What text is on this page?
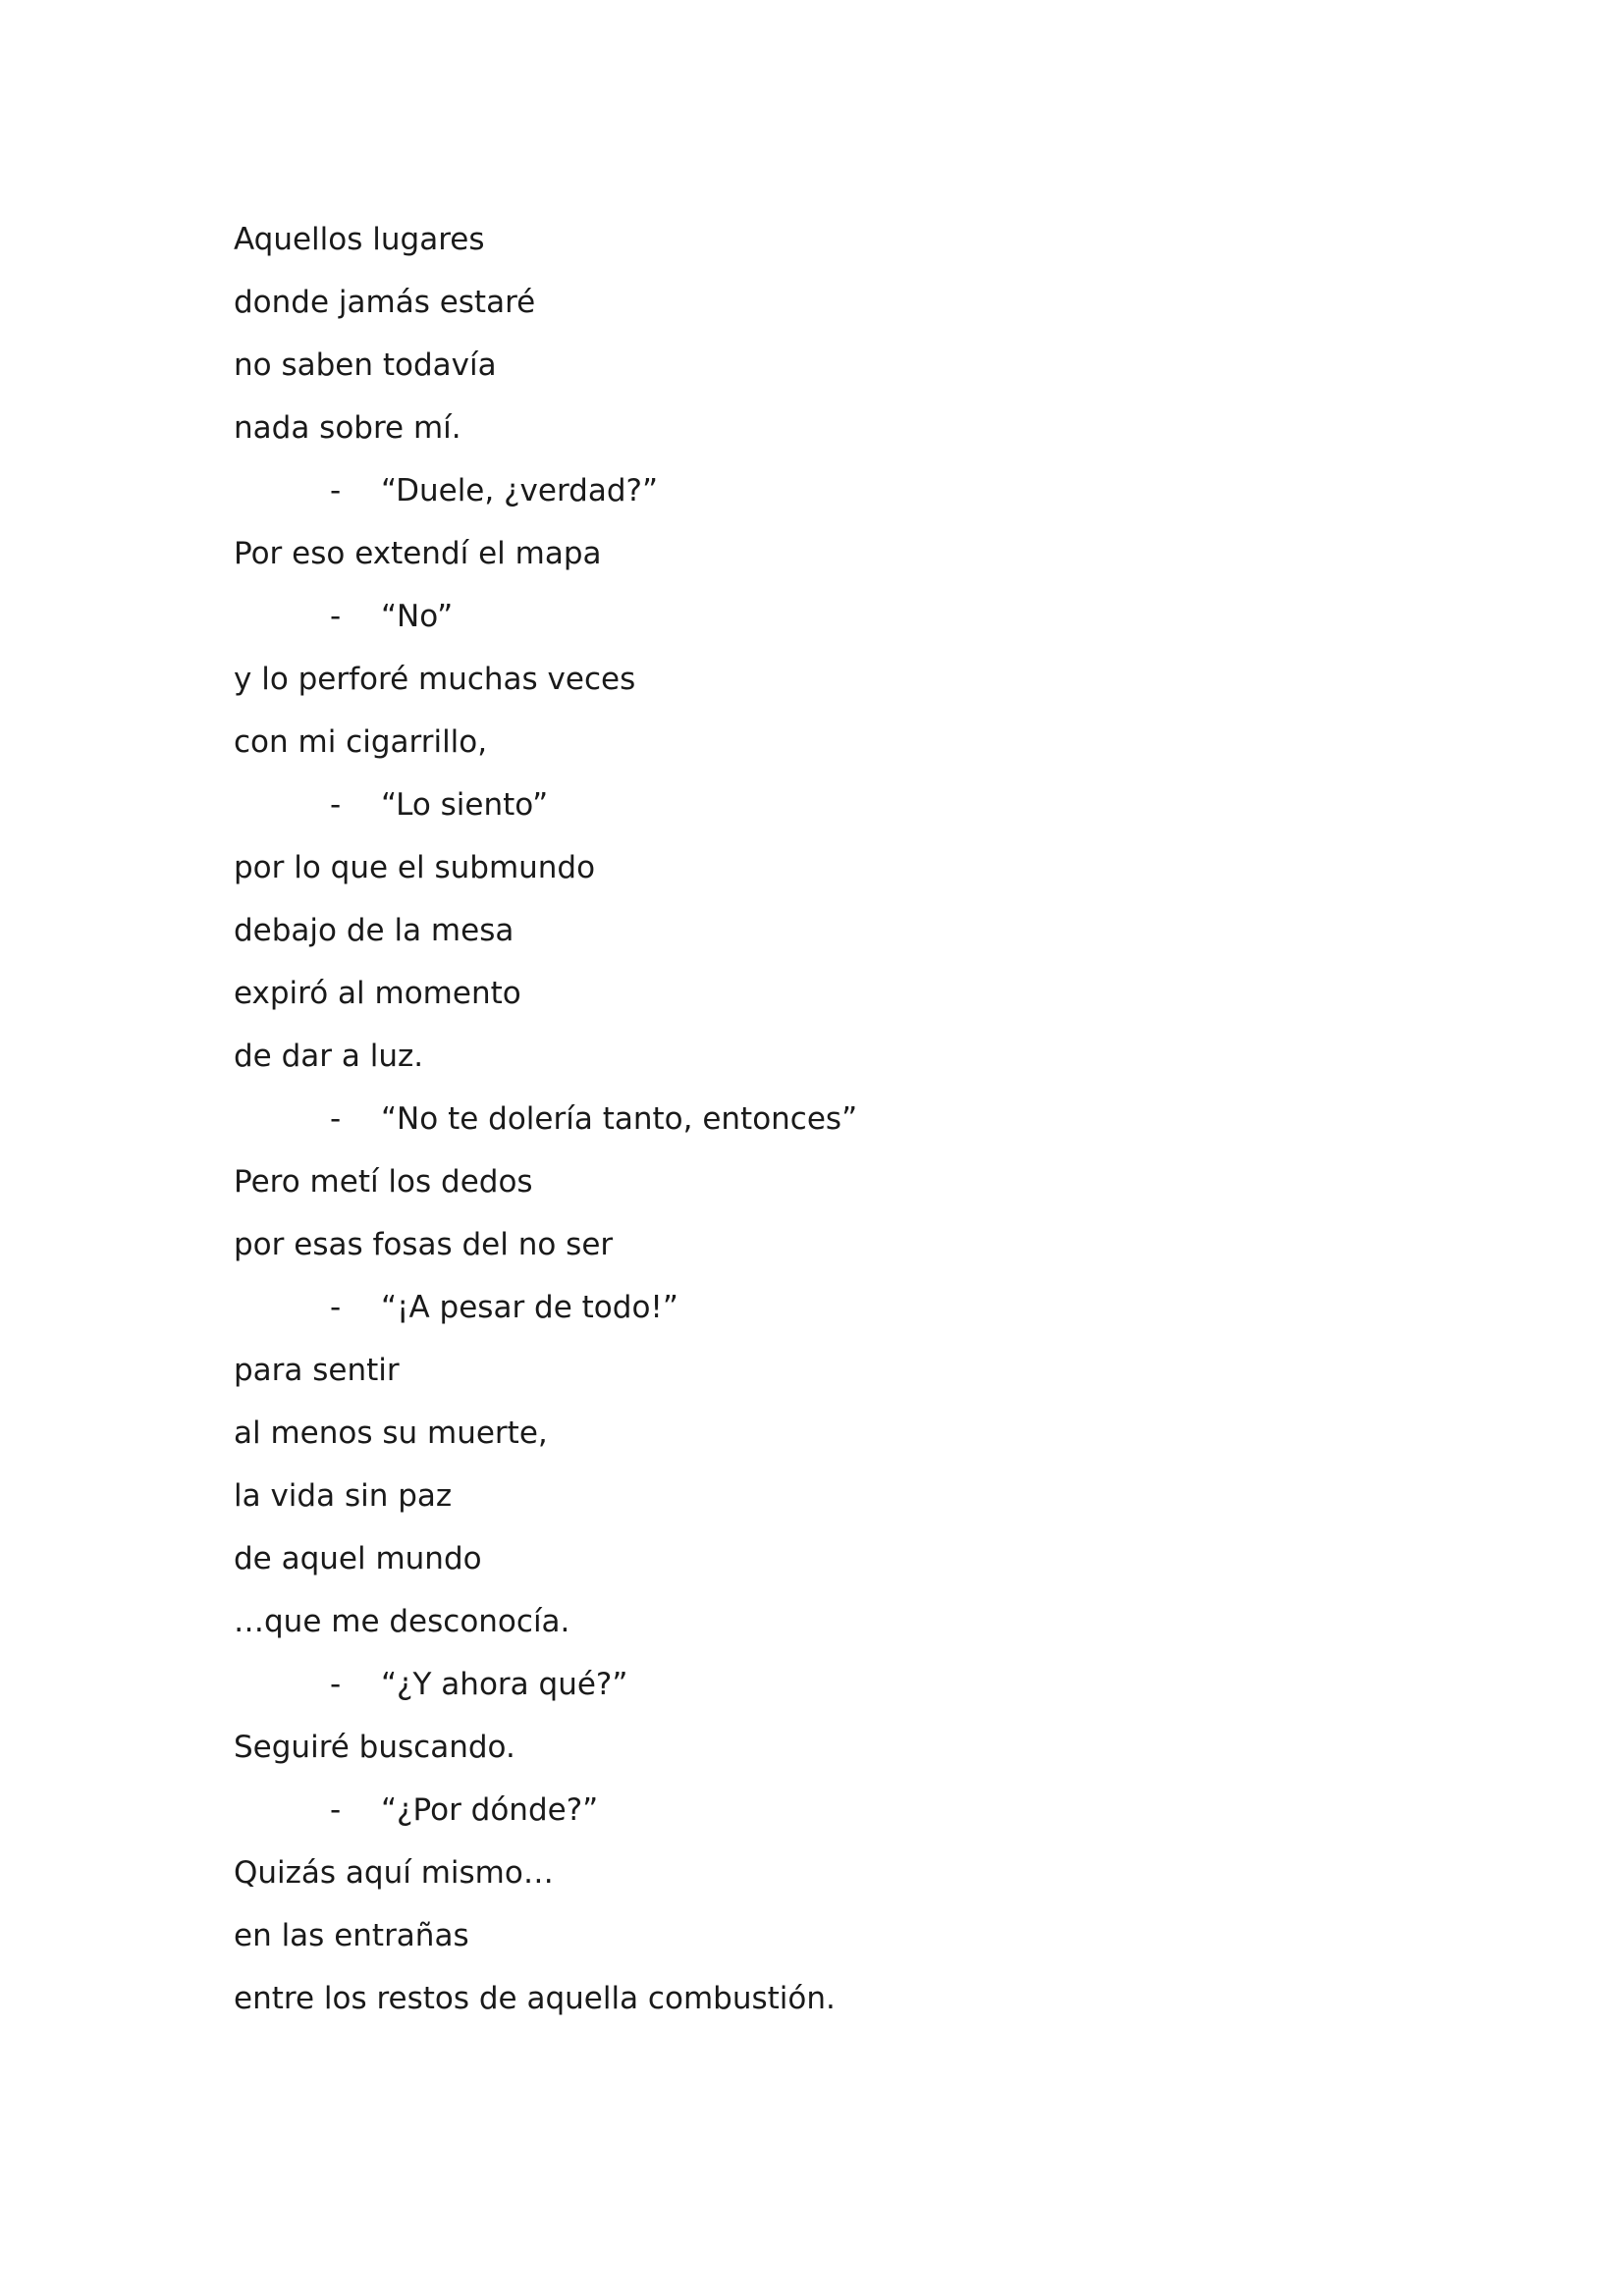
Aquellos lugares
donde jamás estaré
no saben todavía
nada sobre mí.
- “Duele, ¿verdad?”
Por eso extendí el mapa
- “No”
y lo perforé muchas veces
con mi cigarrillo,
- “Lo siento”
por lo que el submundo
debajo de la mesa
expiró al momento
de dar a luz.
- “No te dolería tanto, entonces”
Pero metí los dedos
por esas fosas del no ser
- “¡A pesar de todo!”
para sentir
al menos su muerte,
la vida sin paz
de aquel mundo
…que me desconocía.
- “¿Y ahora qué?”
Seguiré buscando.
- “¿Por dónde?”
Quizás aquí mismo…
en las entrañas
entre los restos de aquella combustión.
